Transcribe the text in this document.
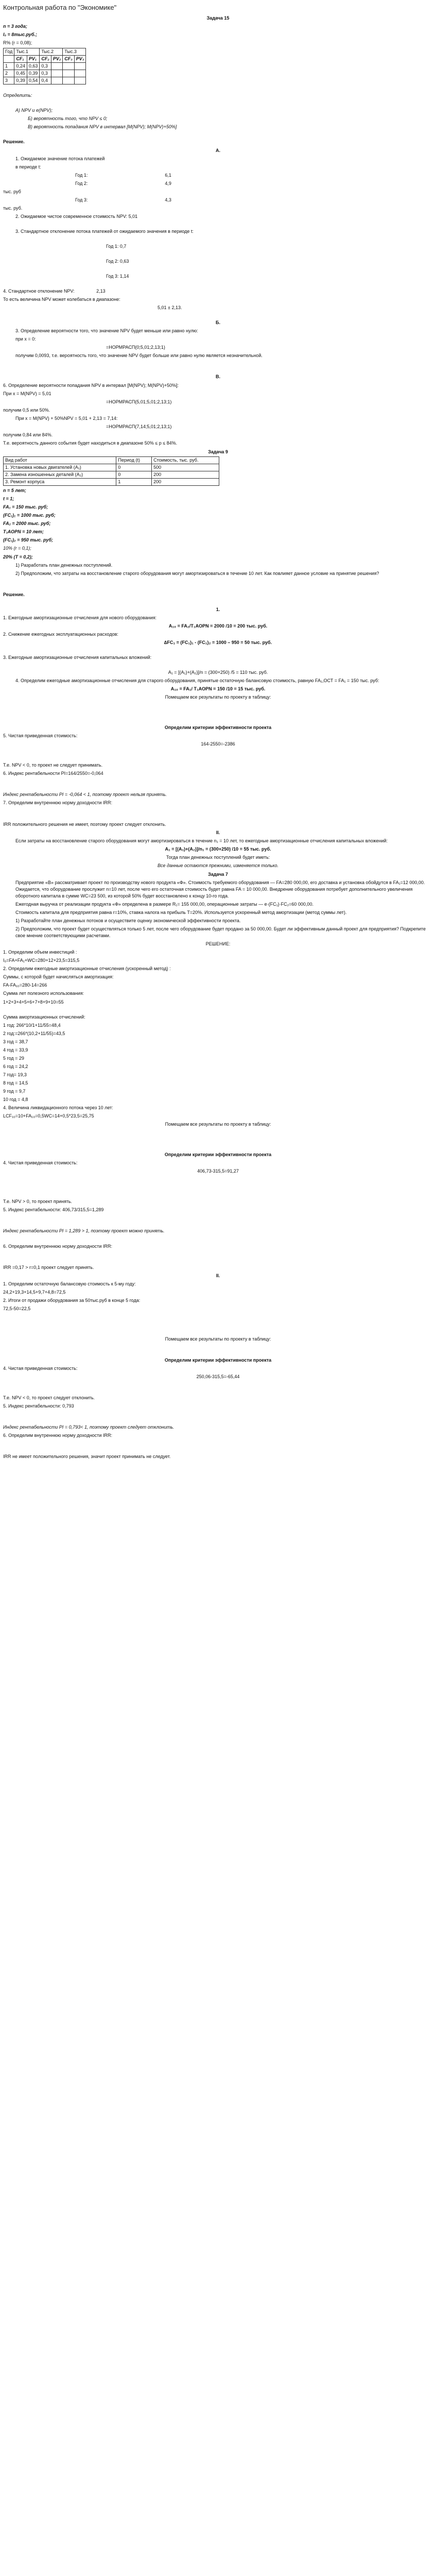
Контрольная работа по "Экономике"
Задача 15

n = 3 года;

I₀ = 8тыс.руб.;

R% (r = 0,08);

Год	Тыс.1		Тыс.2		Тыс.3	
	CF₁	PV₁	CF₂	PV₂	CF₃	PV₃
1	0,24	0,63	0,3			
2	0,45	0,39	0,3			
3	0,39	0,54	0,4			

Определить:

А) NPV и e(NPV);

Б) вероятность того, что NPV ≤ 0;

В) вероятность попадания NPV в интервал [M(NPV); M(NPV)+50%]

Решение.

А.

1. Ожидаемое значение потока платежей

в периоде t:

Год 1:	6,1

Год 2:	4,9

тыс. руб

Год 3:	4,3

тыс. руб.

2. Ожидаемое чистое современное стоимость NPV: 5,01

3. Стандартное отклонение потока платежей от ожидаемого значения в периоде t:

Год 1: 0,7

Год 2: 0,63

Год 3: 1,14

4. Стандартное отклонение NPV:	2,13

То есть величина NPV может колебаться в диапазоне:

5,01 ± 2,13.

Б.

3. Определение вероятности того, что значение NPV будет меньше или равно нулю:

при x = 0:

=НОРМРАСП(0;5,01;2,13;1)

получим 0,0093, т.е. вероятность того, что значение NPV будет больше или равно нулю является незначительной.

В.

6. Определение вероятности попадания NPV в интервал [M(NPV); M(NPV)+50%]:

При x = M(NPV) = 5,01

=НОРМРАСП(5,01;5,01;2,13;1)

получим 0,5 или 50%.

При x = M(NPV) + 50%NPV = 5,01 + 2,13 = 7,14:

=НОРМРАСП(7,14;5,01;2,13;1)

получим 0,84 или 84%.

Т.е. вероятность данного события будет находиться в диапазоне 50% ≤ p ≤ 84%.

Задача 9
Вид работ	Период (t)	Стоимость, тыс. руб.
1. Установка новых двигателей (A₁)	0	500
2. Замена изношенных деталей (A₂)	0	200
3. Ремонт корпуса	1	200

n = 5 лет;

t = 1;

FA₁ = 150 тыс. руб;

(FC₁)₁ = 1000 тыс. руб;

FA₂ = 2000 тыс. руб;

T₁AOPN = 10 лет;

(FC₁)₂ = 950 тыс. руб;

10% (r = 0,1);

20% (T = 0,2);

1) Разработать план денежных поступлений.

2) Предположим, что затраты на восстановление старого оборудования могут амортизироваться в течение 10 лет. Как повлияет данное условие на принятие решения?

Решение.

1.

1. Ежегодные амортизационные отчисления для нового оборудования:

A₁₀ = FA₂/T₁AOPN = 2000 /10 = 200 тыс. руб.

2. Снижение ежегодных эксплуатационных расходов:

∆FC₁ = (FC₁)₁ - (FC₁)₂ = 1000 – 950 = 50 тыс. руб.

3. Ежегодные амортизационные отчисления капитальных вложений:

A₁ = [(A₁)+(A₂)]/n = (300+250) /5 = 110 тыс. руб.

4. Определим ежегодные амортизационные отчисления для старого оборудования, принятые остаточную балансовую стоимость, равную FA₁,ОСТ = FA₁ = 150 тыс. руб:

A₁₀ = FA₁/ T₁AOPN = 150 /10 = 15 тыс. руб.

Помещаем все результаты по проекту в таблицу:

Определим критерии эффективности проекта

5. Чистая приведенная стоимость:

164-2550=-2386

Т.е. NPV < 0, то проект не следует принимать.

6. Индекс рентабельности PI=164/2550=-0,064

Индекс рентабельности PI = -0,064 < 1, поэтому проект нельзя принять.

7. Определим внутреннюю норму доходности IRR:

IRR положительного решения не имеет, поэтому проект следует отклонить.

II.

Если затраты на восстановление старого оборудования могут амортизироваться в течение n₁ = 10 лет, то ежегодные амортизационные отчисления капитальных вложений:

A₁ = [(A₁)+(A₂)]/n₁ = (300+250) /10 = 55 тыс. руб.

Тогда план денежных поступлений будет иметь:

Все данные остаются прежними, изменяется только.

Задача 7

Предприятие «В» рассматривает проект по производству нового продукта «Ф». Стоимость требуемого оборудования — FA=280 000,00, его доставка и установка обойдутся в FA₁=12 000,00. Ожидается, что оборудование прослужит n=10 лет, после чего его остаточная стоимость будет равна FA = 10 000,00. Внедрение оборудования потребует дополнительного увеличения оборотного капитала в сумме WC=23 500, из которой 50% будет восстановлено к концу 10-го года.

Ежегодная выручка от реализации продукта «Ф» определена в размере R₁= 155 000,00, операционные затраты — e·(FC₁)·FC₂=60 000,00.

Стоимость капитала для предприятия равна r=10%, ставка налога на прибыль T=20%. Используется ускоренный метод амортизации (метод суммы лет).

1) Разработайте план денежных потоков и осуществите оценку экономической эффективности проекта.

2) Предположим, что проект будет осуществляться только 5 лет, после чего оборудование будет продано за 50 000,00. Будет ли эффективным данный проект для предприятия? Подкрепите свое мнение соответствующими расчетами.

РЕШЕНИЕ:

1. Определим объем инвестиций :

I₀=FA+FA₁+WC=280+12+23,5=315,5

2. Определим ежегодные амортизационные отчисления (ускоренный метод) :

Суммы, с которой будет начисляться амортизация:

FA-FA₁₀=280-14=266

Сумма лет полезного использования:

1+2+3+4+5+6+7+8+9+10=55

Сумма амортизационных отчислений:

1 год: 266*10/1+11/55=48,4

2 год:=266*(10,2+11/55)=43,5

3 год = 38,7

4 год = 33,9

5 год = 29

6 год = 24,2

7 год= 19,3

8 год = 14,5

9 год = 9,7

10 год = 4,8

4. Величина ликвидационного потока через 10 лет:

LCF₁₀=10+FA₁₀=0,5WC=14+0,5*23,5=25,75

Помещаем все результаты по проекту в таблицу:

Определим критерии эффективности проекта

4. Чистая приведенная стоимость:

406,73-315,5=91,27

Т.е. NPV > 0, то проект принять.

5. Индекс рентабельности: 406,73/315,5=1,289

Индекс рентабельности PI = 1,289 > 1, поэтому проект можно принять.

6. Определим внутреннюю норму доходности IRR:

IRR =0,17 > r=0,1 проект следует принять.

II.

1. Определим остаточную балансовую стоимость к 5-му году:

24,2+19,3+14,5+9,7+4,8=72,5

2. Итоги от продажи оборудования за 50тыс.руб в конце 5 года:

72,5-50=22,5

Помещаем все результаты по проекту в таблицу:

Определим критерии эффективности проекта

4. Чистая приведенная стоимость:

250,06-315,5=-65,44

Т.е. NPV < 0, то проект следует отклонить.

5. Индекс рентабельности: 0,793

Индекс рентабельности PI = 0,793< 1, поэтому проект следует отклонить.

6. Определим внутреннюю норму доходности IRR:

IRR не имеет положительного решения, значит проект принимать не следует.
